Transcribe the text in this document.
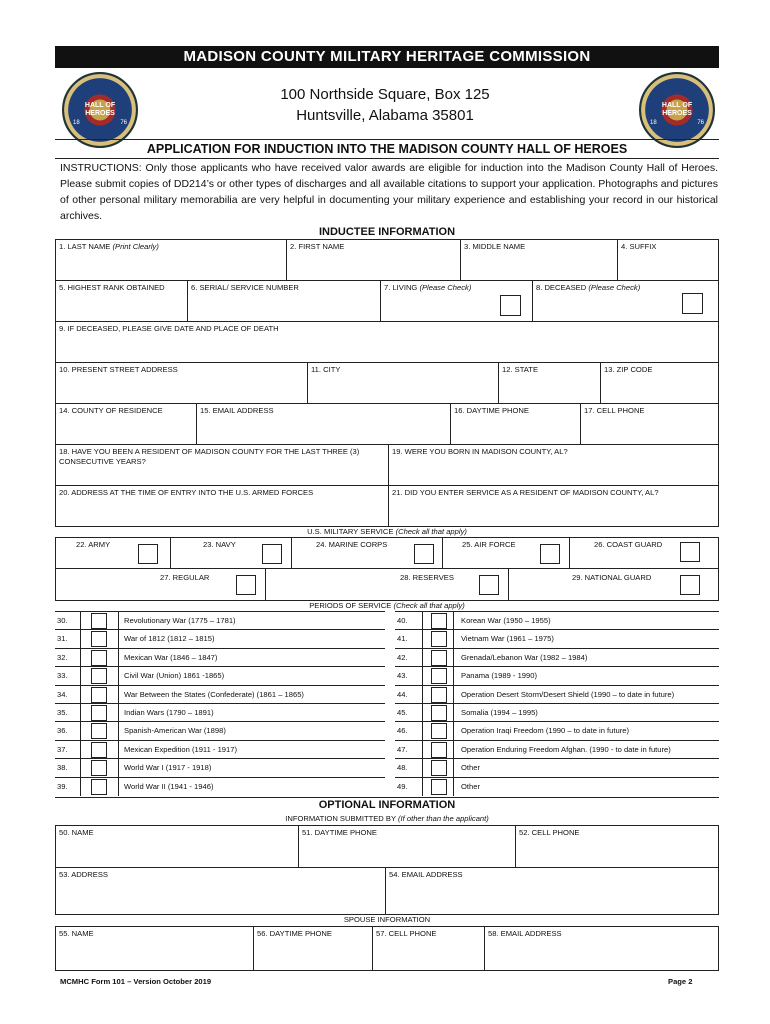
MADISON COUNTY MILITARY HERITAGE COMMISSION
HALL OF HEROES
18	76
HALL OF HEROES
18	76
100 Northside Square, Box 125
Huntsville, Alabama 35801
APPLICATION FOR INDUCTION INTO THE MADISON COUNTY HALL OF HEROES
INSTRUCTIONS: Only those applicants who have received valor awards are eligible for induction into the Madison County Hall of Heroes. Please submit copies of DD214’s or other types of discharges and all available citations to support your application. Photographs and pictures of other personal military memorabilia are very helpful in documenting your military experience and establishing your record in our historical archives.
INDUCTEE INFORMATION
1. LAST NAME (Print Clearly)	2. FIRST NAME	3. MIDDLE NAME	4. SUFFIX
5. HIGHEST RANK OBTAINED	6. SERIAL/ SERVICE NUMBER	7. LIVING (Please Check)	8. DECEASED (Please Check)
9. IF DECEASED, PLEASE GIVE DATE AND PLACE OF DEATH
10. PRESENT STREET ADDRESS	11. CITY	12. STATE	13. ZIP CODE
14. COUNTY OF RESIDENCE	15. EMAIL ADDRESS	16. DAYTIME PHONE	17. CELL PHONE
18. HAVE YOU BEEN A RESIDENT OF MADISON COUNTY FOR THE LAST THREE (3) CONSECUTIVE YEARS?
19. WERE YOU BORN IN MADISON COUNTY, AL?
20. ADDRESS AT THE TIME OF ENTRY INTO THE U.S. ARMED FORCES	21. DID YOU ENTER SERVICE AS A RESIDENT OF MADISON COUNTY, AL?
U.S. MILITARY SERVICE (Check all that apply)
22. ARMY	23. NAVY	24. MARINE CORPS	25. AIR FORCE	26. COAST GUARD
27. REGULAR	28. RESERVES	29. NATIONAL GUARD
PERIODS OF SERVICE (Check all that apply)
30.	Revolutionary War (1775 – 1781)
31.	War of 1812 (1812 – 1815)
32.	Mexican War (1846 – 1847)
33.	Civil War (Union) 1861 -1865)
34.	War Between the States (Confederate) (1861 – 1865)
35.	Indian Wars (1790 – 1891)
36.	Spanish-American War (1898)
37.	Mexican Expedition (1911 - 1917)
38.	World War I (1917 - 1918)
39.	World War II (1941 - 1946)
40.	Korean War (1950 – 1955)
41.	Vietnam War (1961 – 1975)
42.	Grenada/Lebanon War (1982 – 1984)
43.	Panama (1989 - 1990)
44.	Operation Desert Storm/Desert Shield (1990 – to date in future)
45.	Somalia (1994 – 1995)
46.	Operation Iraqi Freedom (1990 – to date in future)
47.	Operation Enduring Freedom Afghan. (1990 - to date in future)
48.	Other
49.	Other
OPTIONAL INFORMATION
INFORMATION SUBMITTED BY (If other than the applicant)
50. NAME	51. DAYTIME PHONE	52. CELL PHONE
53. ADDRESS	54. EMAIL ADDRESS
SPOUSE INFORMATION
55. NAME	56. DAYTIME PHONE	57. CELL PHONE	58. EMAIL ADDRESS
MCMHC Form 101 – Version October 2019	Page 2
